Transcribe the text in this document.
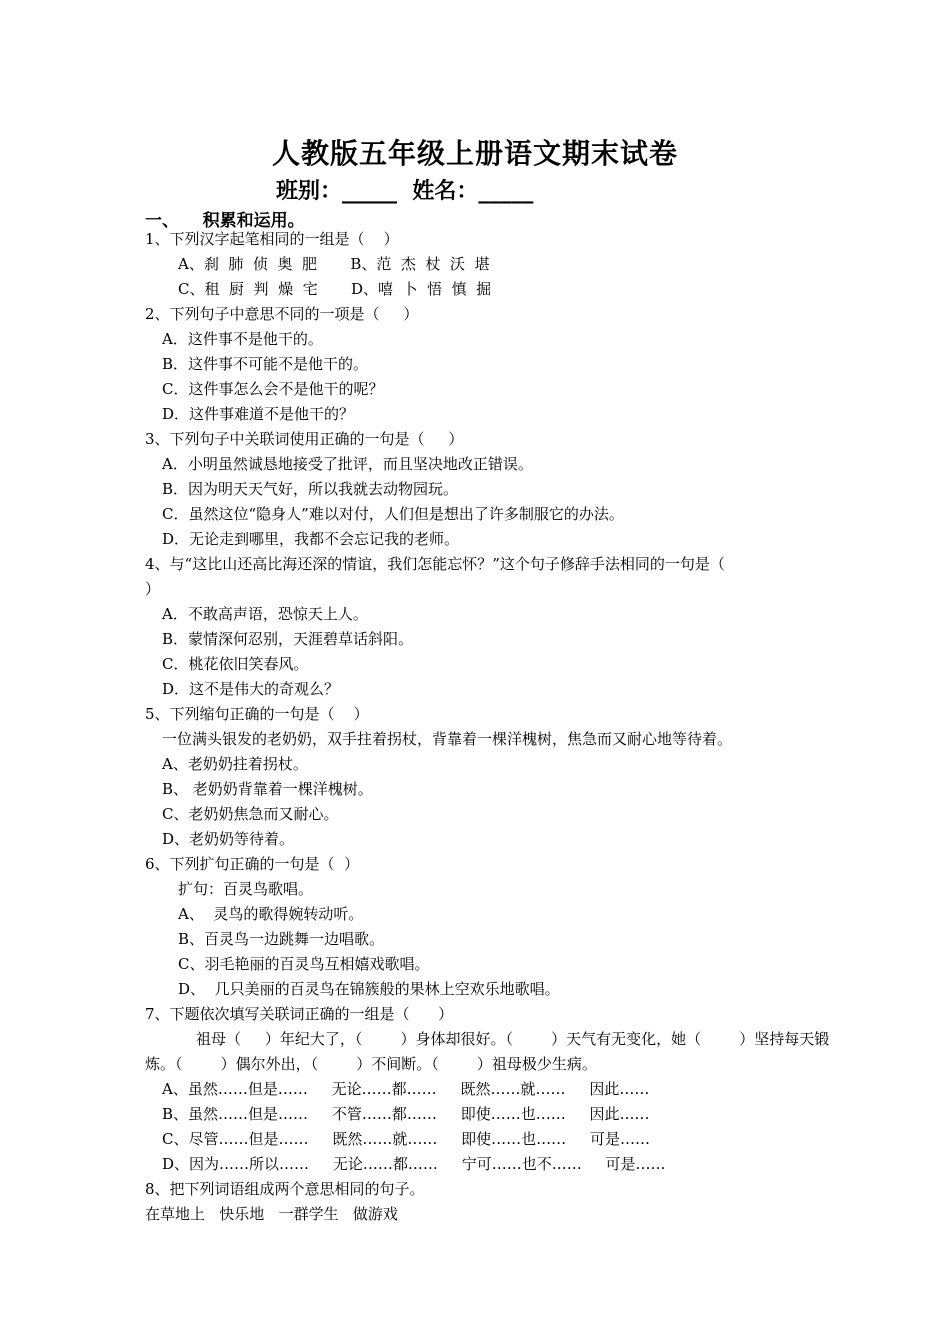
人教版五年级上册语文期末试卷
班别：_____  姓名：_____
一、    积累和运用。
1、下列汉字起笔相同的一组是（    ）
A、刹  肺  侦  奥  肥       B、范  杰  杖  沃  堪
C、租  厨  判  燥  宅       D、嘻  卜  悟  慎  掘
2、下列句子中意思不同的一项是（     ）
A．这件事不是他干的。
B．这件事不可能不是他干的。
C．这件事怎么会不是他干的呢？
D．这件事难道不是他干的？
3、下列句子中关联词使用正确的一句是（     ）
A．小明虽然诚恳地接受了批评，而且坚决地改正错误。
B．因为明天天气好，所以我就去动物园玩。
C．虽然这位“隐身人”难以对付，人们但是想出了许多制服它的办法。
D．无论走到哪里，我都不会忘记我的老师。
4、与“这比山还高比海还深的情谊，我们怎能忘怀？”这个句子修辞手法相同的一句是（
）
A．不敢高声语，恐惊天上人。
B．蒙情深何忍别，天涯碧草话斜阳。
C．桃花依旧笑春风。
D．这不是伟大的奇观么？
5、下列缩句正确的一句是（    ）
一位满头银发的老奶奶，双手拄着拐杖，背靠着一棵洋槐树，焦急而又耐心地等待着。
A、老奶奶拄着拐杖。
B、 老奶奶背靠着一棵洋槐树。
C、老奶奶焦急而又耐心。
D、老奶奶等待着。
6、下列扩句正确的一句是（  ）
扩句：百灵鸟歌唱。
A、  灵鸟的歌得婉转动听。
B、百灵鸟一边跳舞一边唱歌。
C、羽毛艳丽的百灵鸟互相嬉戏歌唱。
D、  几只美丽的百灵鸟在锦簇般的果林上空欢乐地歌唱。
7、下题依次填写关联词正确的一组是（      ）
祖母（     ）年纪大了，（        ）身体却很好。（        ）天气有无变化，她（        ）坚持每天锻
炼。（        ）偶尔外出，（        ）不间断。（        ）祖母极少生病。
A、虽然……但是……     无论……都……     既然……就……     因此……
B、虽然……但是……     不管……都……     即使……也……     因此……
C、尽管……但是……     既然……就……     即使……也……     可是……
D、因为……所以……     无论……都……     宁可……也不……     可是……
8、把下列词语组成两个意思相同的句子。
在草地上   快乐地   一群学生   做游戏
